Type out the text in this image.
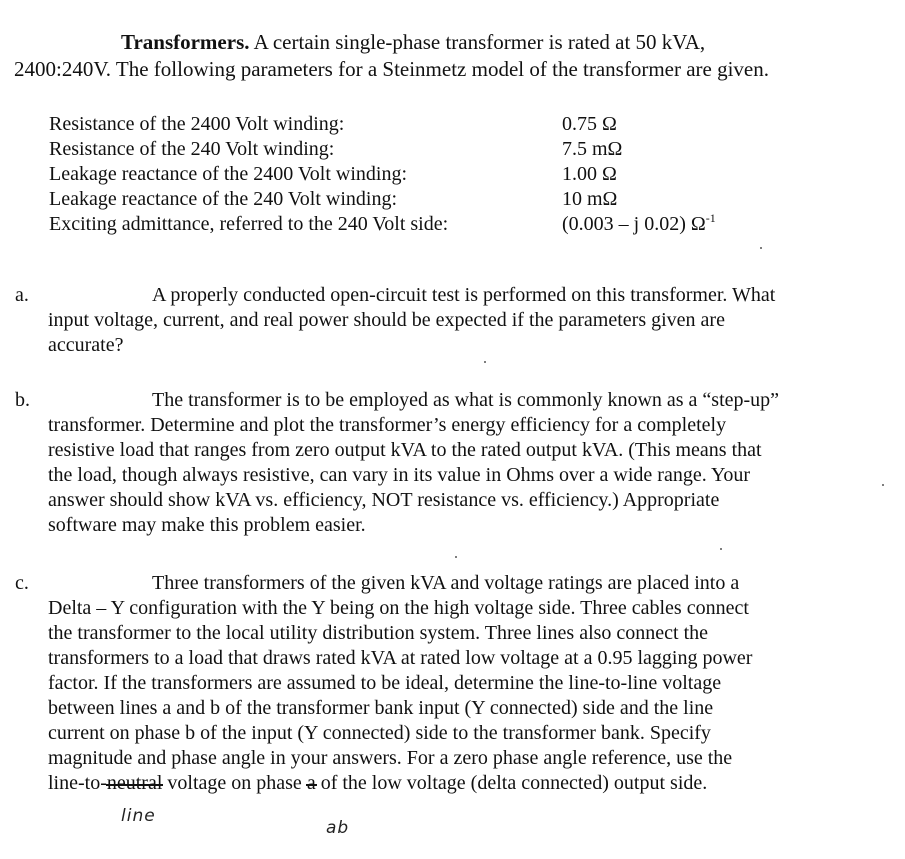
Transformers. A certain single-phase transformer is rated at 50 kVA,
2400:240V. The following parameters for a Steinmetz model of the transformer are given.
Resistance of the 2400 Volt winding:	0.75 Ω
Resistance of the 240 Volt winding:	7.5 mΩ
Leakage reactance of the 2400 Volt winding:	1.00 Ω
Leakage reactance of the 240 Volt winding:	10 mΩ
Exciting admittance, referred to the 240 Volt side:	(0.003 – j 0.02) $\Omega^{-1}$
a.	A properly conducted open-circuit test is performed on this transformer. What
input voltage, current, and real power should be expected if the parameters given are
accurate?
b.	The transformer is to be employed as what is commonly known as a “step-up”
transformer. Determine and plot the transformer’s energy efficiency for a completely
resistive load that ranges from zero output kVA to the rated output kVA. (This means that
the load, though always resistive, can vary in its value in Ohms over a wide range. Your
answer should show kVA vs. efficiency, NOT resistance vs. efficiency.) Appropriate
software may make this problem easier.
c.	Three transformers of the given kVA and voltage ratings are placed into a
Delta – Y configuration with the Y being on the high voltage side. Three cables connect
the transformer to the local utility distribution system. Three lines also connect the
transformers to a load that draws rated kVA at rated low voltage at a 0.95 lagging power
factor. If the transformers are assumed to be ideal, determine the line-to-line voltage
between lines a and b of the transformer bank input (Y connected) side and the line
current on phase b of the input (Y connected) side to the transformer bank. Specify
magnitude and phase angle in your answers. For a zero phase angle reference, use the
line-to-neutral voltage on phase a of the low voltage (delta connected) output side.
line
ab
